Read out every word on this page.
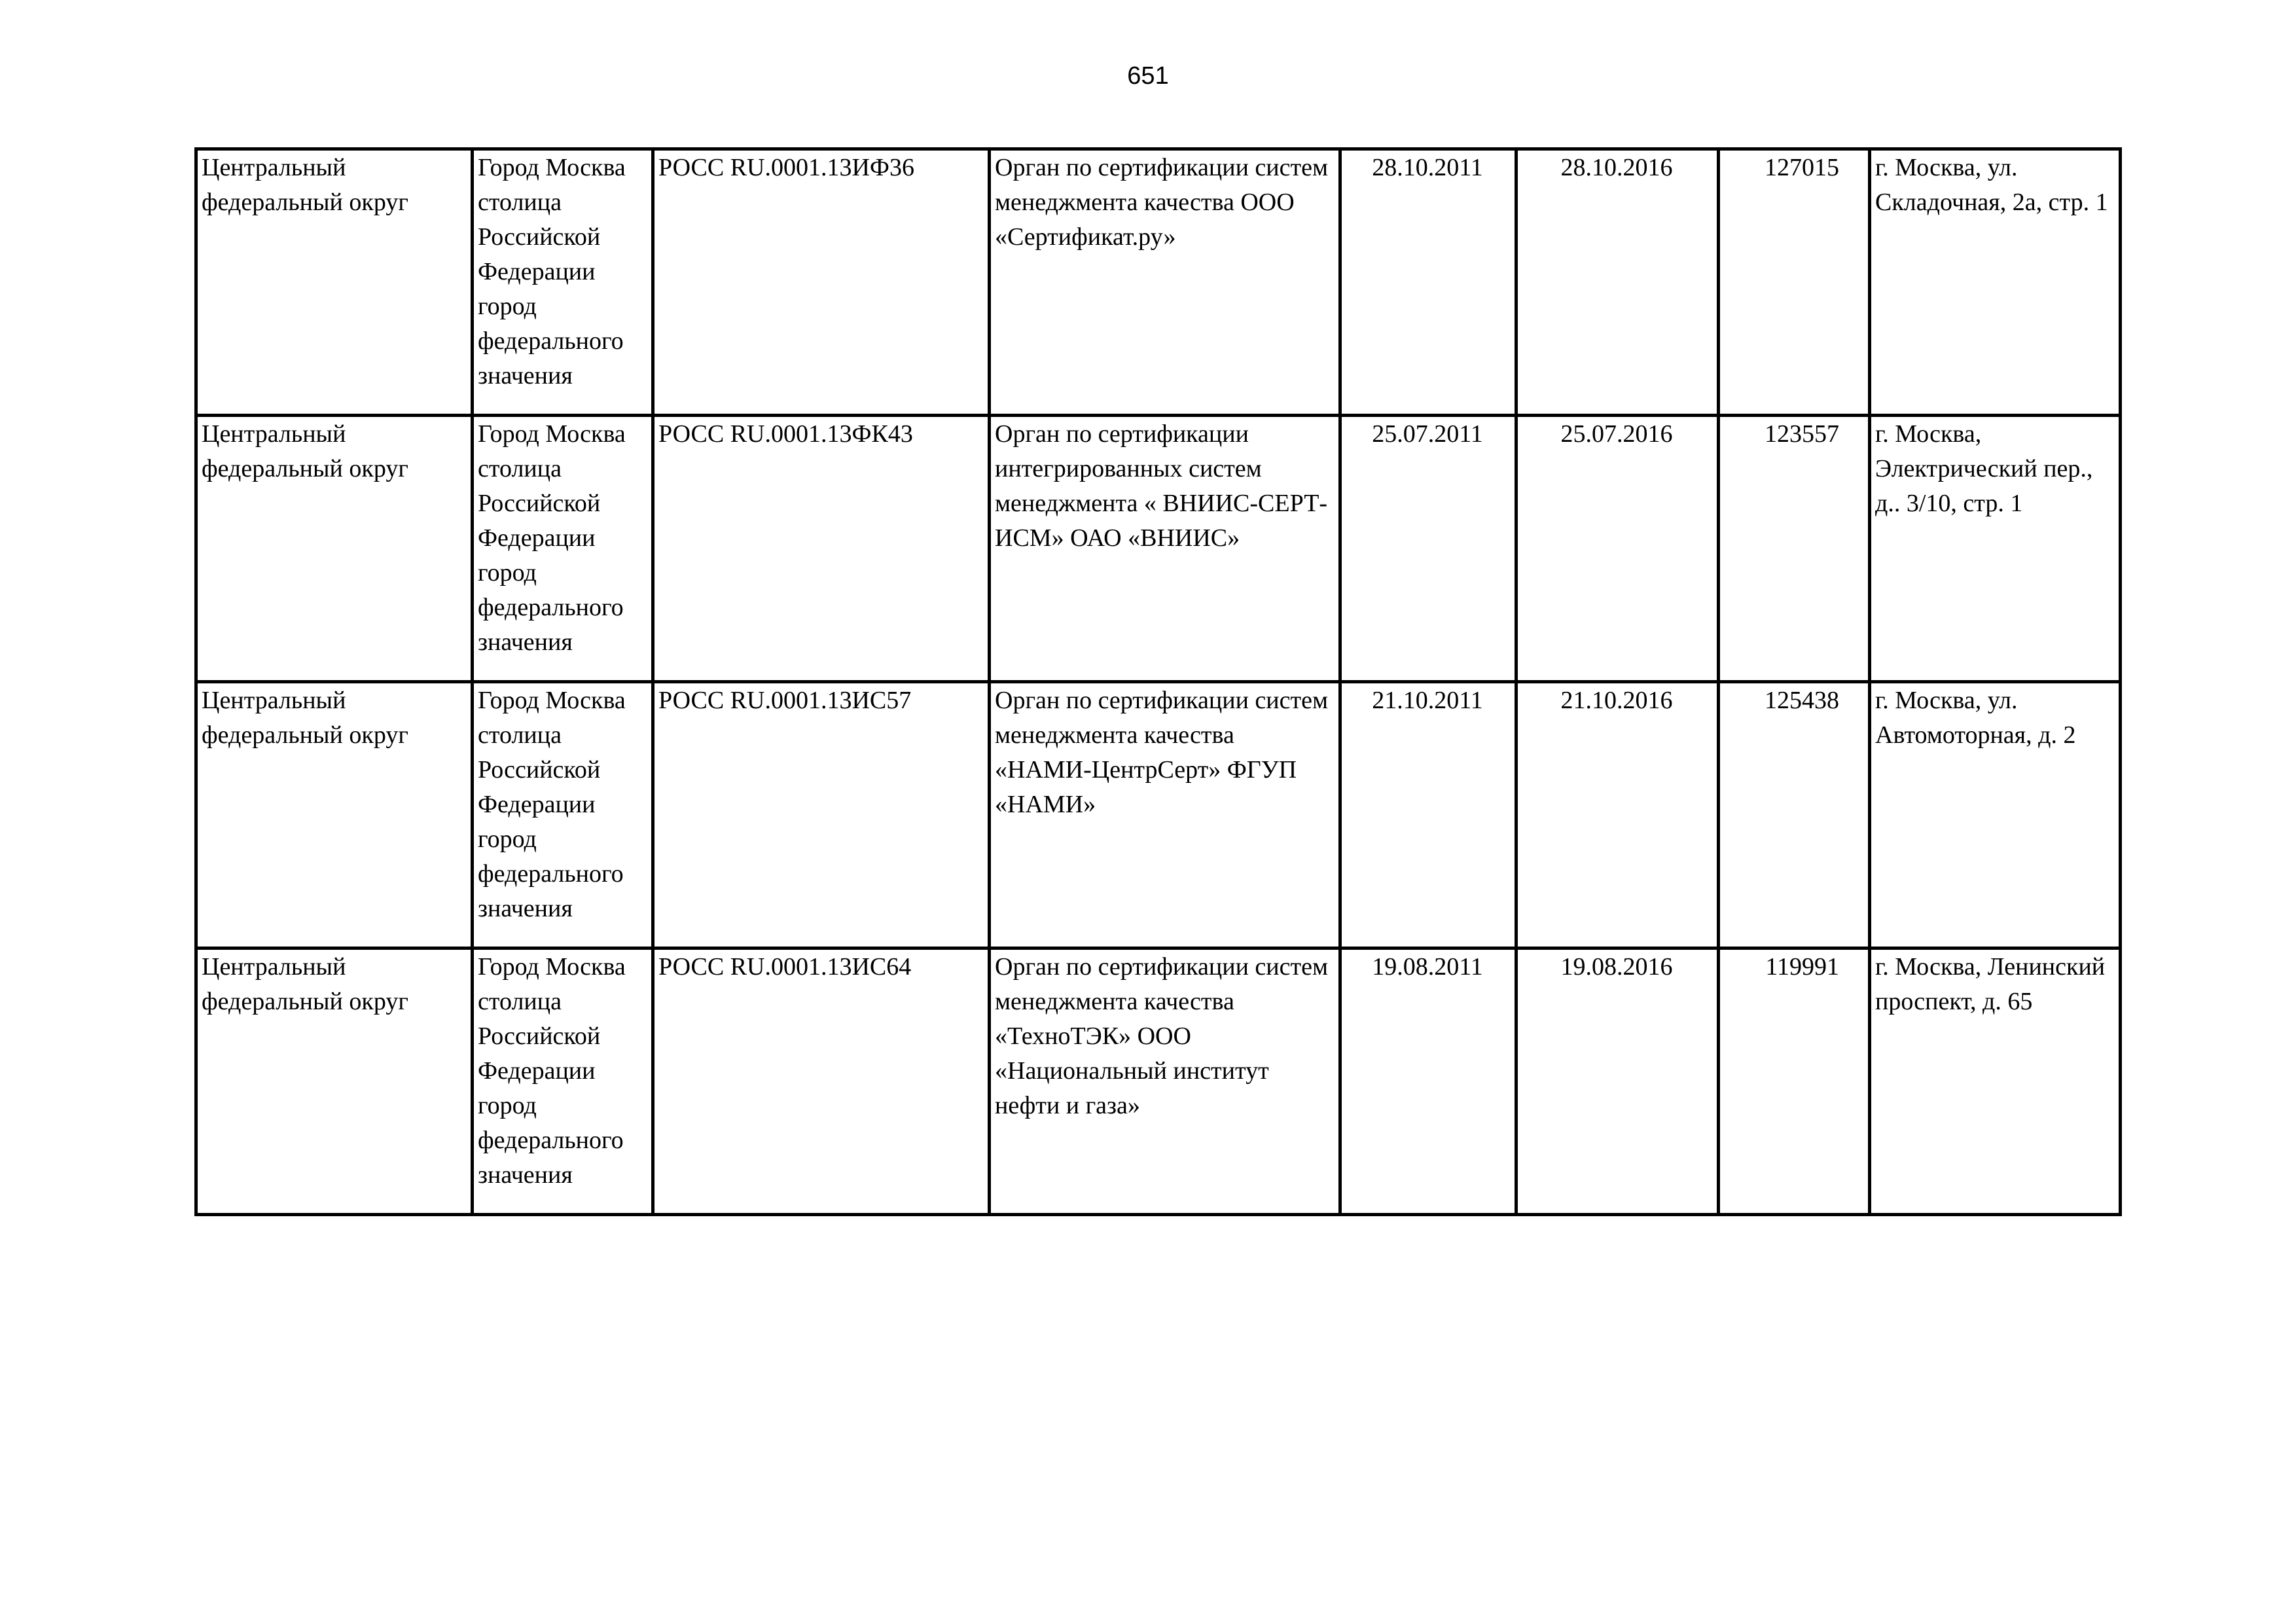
651
Центральный федеральный округ	Город Москва столица Российской Федерации город федерального значения	РОСС RU.0001.13ИФ36	Орган по сертификации систем менеджмента качества ООО «Сертификат.ру»	28.10.2011	28.10.2016	127015	г. Москва, ул. Складочная, 2а, стр. 1

Центральный федеральный округ	Город Москва столица Российской Федерации город федерального значения	РОСС RU.0001.13ФК43	Орган по сертификации интегрированных систем менеджмента « ВНИИС-СЕРТ-ИСМ» ОАО «ВНИИС»	25.07.2011	25.07.2016	123557	г. Москва, Электрический пер., д.. 3/10, стр. 1

Центральный федеральный округ	Город Москва столица Российской Федерации город федерального значения	РОСС RU.0001.13ИС57	Орган по сертификации систем менеджмента качества «НАМИ-ЦентрСерт» ФГУП «НАМИ»	21.10.2011	21.10.2016	125438	г. Москва, ул. Автомоторная, д. 2

Центральный федеральный округ	Город Москва столица Российской Федерации город федерального значения	РОСС RU.0001.13ИС64	Орган по сертификации систем менеджмента качества «ТехноТЭК» ООО «Национальный институт нефти и газа»	19.08.2011	19.08.2016	119991	г. Москва, Ленинский проспект, д. 65
